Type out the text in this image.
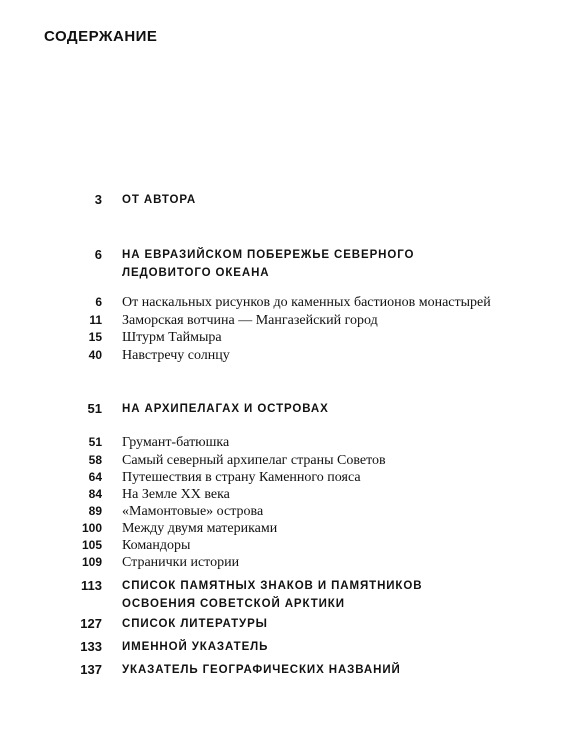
СОДЕРЖАНИЕ
3 ОТ АВТОРА
6 НА ЕВРАЗИЙСКОМ ПОБЕРЕЖЬЕ СЕВЕРНОГО
ЛЕДОВИТОГО ОКЕАНА
6 От наскальных рисунков до каменных бастионов монастырей
11 Заморская вотчина — Мангазейский город
15 Штурм Таймыра
40 Навстречу солнцу
51 НА АРХИПЕЛАГАХ И ОСТРОВАХ
51 Грумант-батюшка
58 Самый северный архипелаг страны Советов
64 Путешествия в страну Каменного пояса
84 На Земле XX века
89 «Мамонтовые» острова
100 Между двумя материками
105 Командоры
109 Странички истории
113 СПИСОК ПАМЯТНЫХ ЗНАКОВ И ПАМЯТНИКОВ
ОСВОЕНИЯ СОВЕТСКОЙ АРКТИКИ
127 СПИСОК ЛИТЕРАТУРЫ
133 ИМЕННОЙ УКАЗАТЕЛЬ
137 УКАЗАТЕЛЬ ГЕОГРАФИЧЕСКИХ НАЗВАНИЙ
